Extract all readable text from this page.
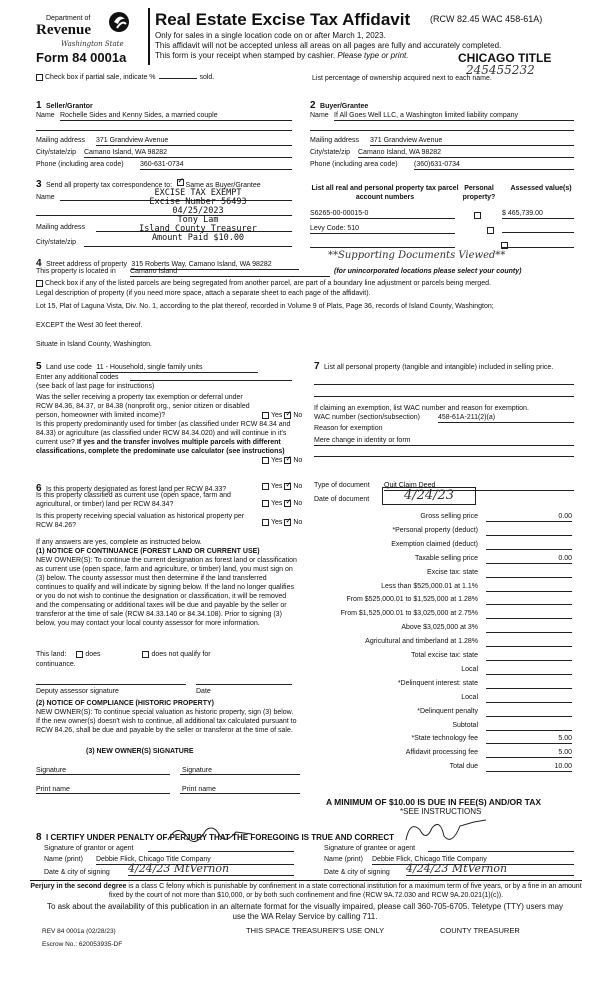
Department of
Revenue
Washington State
Form 84 0001a
Real Estate Excise Tax Affidavit (RCW 82.45 WAC 458-61A)
Only for sales in a single location code on or after March 1, 2023.
This affidavit will not be accepted unless all areas on all pages are fully and accurately completed.
This form is your receipt when stamped by cashier. Please type or print.	CHICAGO TITLE
245455232
Check box if partial sale, indicate %	sold.	List percentage of ownership acquired next to each name.
1 Seller/Grantor
Name Rochelle Sides and Kenny Sides, a married couple
Mailing address 371 Grandview Avenue
City/state/zip Camano Island, WA 98282
Phone (including area code) 360-631-0734
2 Buyer/Grantee
Name If All Goes Well LLC, a Washington limited liability company
Mailing address 371 Grandview Avenue
City/state/zip Camano Island, WA 98282
Phone (including area code) (360)631-0734
3 Send all property tax correspondence to: ✓ Same as Buyer/Grantee
Name
Mailing address
City/state/zip
EXCISE TAX EXEMPT
Excise Number 56493
04/25/2023
Tony Lam
Island County Treasurer
Amount Paid $10.00
List all real and personal property tax parcel account numbers
Personal property?
Assessed value(s)
S6265-00-00015-0
	$ 465,739.00
Levy Code: 510

4 Street address of property 315 Roberts Way, Camano Island, WA 98282
**Supporting Documents Viewed**
This property is located in Camano Island	(for unincorporated locations please select your county)
Check box if any of the listed parcels are being segregated from another parcel, are part of a boundary line adjustment or parcels being merged.
Legal description of property (if you need more space, attach a separate sheet to each page of the affidavit).
Lot 15, Plat of Laguna Vista, Div. No. 1, according to the plat thereof, recorded in Volume 9 of Plats, Page 36, records of Island County, Washington;
EXCEPT the West 30 feet thereof.
Situate in Island County, Washington.
5 Land use code 11 - Household, single family units
Enter any additional codes
(see back of last page for instructions)
Was the seller receiving a property tax exemption or deferral under RCW 84.36, 84.37, or 84.38 (nonprofit org., senior citizen or disabled person, homeowner with limited income)?	Yes ✓ No
Is this property predominantly used for timber (as classified under RCW 84.34 and 84.33) or agriculture (as classified under RCW 84.34.020) and will continue in it's current use? If yes and the transfer involves multiple parcels with different classifications, complete the predominate use calculator (see instructions)
Yes ✓ No
7 List all personal property (tangible and intangible) included in selling price.
If claiming an exemption, list WAC number and reason for exemption.
WAC number (section/subsection)	458-61A-211(2)(a)
Reason for exemption
Mere change in identity or form
6 Is this property designated as forest land per RCW 84.33?	Yes ✓ No
Is this property classified as current use (open space, farm and agricultural, or timber) land per RCW 84.34?	Yes ✓ No
Is this property receiving special valuation as historical property per RCW 84.26?	Yes ✓ No
If any answers are yes, complete as instructed below.
(1) NOTICE OF CONTINUANCE (FOREST LAND OR CURRENT USE)
NEW OWNER(S): To continue the current designation as forest land or classification as current use (open space, farm and agriculture, or timber) land, you must sign on (3) below. The county assessor must then determine if the land transferred continues to qualify and will indicate by signing below. If the land no longer qualifies or you do not wish to continue the designation or classification, it will be removed and the compensating or additional taxes will be due and payable by the seller or transferor at the time of sale (RCW 84.33.140 or 84.34.108). Prior to signing (3) below, you may contact your local county assessor for more information.
This land:	does	does not qualify for
continuance.
Deputy assessor signature	Date
(2) NOTICE OF COMPLIANCE (HISTORIC PROPERTY)
NEW OWNER(S): To continue special valuation as historic property, sign (3) below. If the new owner(s) doesn't wish to continue, all additional tax calculated pursuant to RCW 84.26, shall be due and payable by the seller or transferor at the time of sale.
(3) NEW OWNER(S) SIGNATURE
Signature	Signature
Print name	Print name
Type of document Quit Claim Deed
Date of document	4/24/23
Gross selling price	0.00
*Personal property (deduct)
Exemption claimed (deduct)
Taxable selling price	0.00
Excise tax: state
Less than $525,000.01 at 1.1%
From $525,000.01 to $1,525,000 at 1.28%
From $1,525,000.01 to $3,025,000 at 2.75%
Above $3,025,000 at 3%
Agricultural and timberland at 1.28%
Total excise tax: state
Local
*Delinquent interest: state
Local
*Delinquent penalty
Subtotal
*State technology fee	5.00
Affidavit processing fee	5.00
Total due	10.00
A MINIMUM OF $10.00 IS DUE IN FEE(S) AND/OR TAX
*SEE INSTRUCTIONS
8 I CERTIFY UNDER PENALTY OF PERJURY THAT THE FOREGOING IS TRUE AND CORRECT
Signature of grantor or agent	Signature of grantee or agent
Name (print) Debbie Flick, Chicago Title Company	Name (print) Debbie Flick, Chicago Title Company
Date & city of signing 4/24/23 MtVernon	Date & city of signing 4/24/23 MtVernon
Perjury in the second degree is a class C felony which is punishable by confinement in a state correctional institution for a maximum term of five years, or by a fine in an amount fixed by the court of not more than $10,000, or by both such confinement and fine (RCW 9A.72.030 and RCW 9A.20.021(1)(c)).
To ask about the availability of this publication in an alternate format for the visually impaired, please call 360-705-6705. Teletype (TTY) users may use the WA Relay Service by calling 711.
REV 84 0001a (02/28/23)	THIS SPACE TREASURER'S USE ONLY	COUNTY TREASURER
Escrow No.: 620053935-DF
